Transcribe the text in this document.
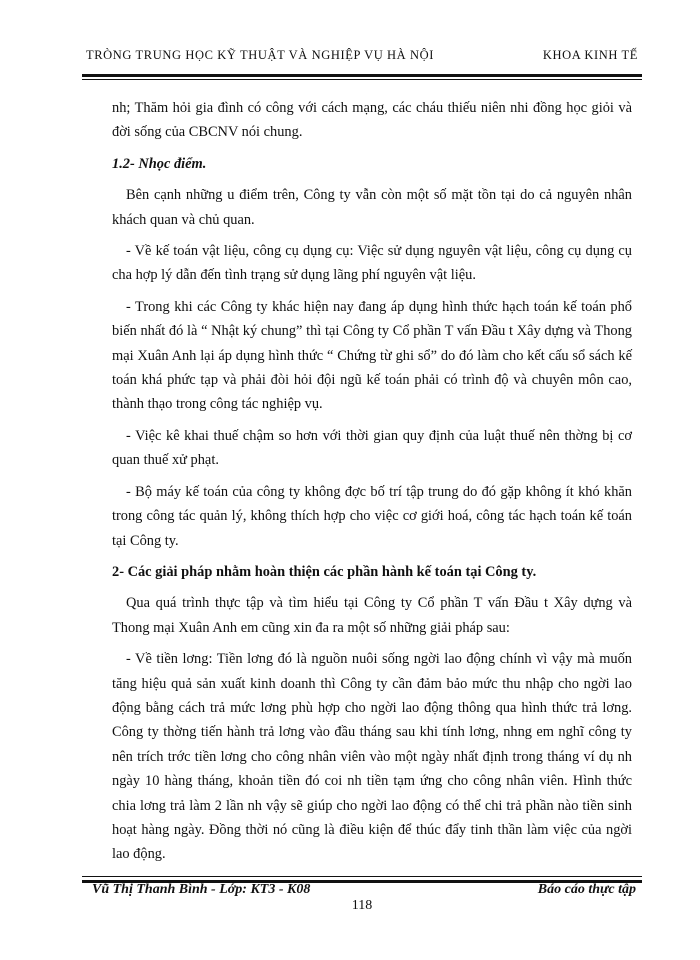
TRÒNG TRUNG HỌC KỸ THUẬT VÀ NGHIỆP VỤ HÀ NỘI	KHOA KINH TẾ

nh; Thăm hỏi gia đình có công với cách mạng, các cháu thiếu niên nhi đồng học giỏi và đời sống của CBCNV nói chung.

1.2- Nhọc điểm.

Bên cạnh những u điểm trên, Công ty vẫn còn một số mặt tồn tại do cả nguyên nhân khách quan và chủ quan.

- Về kế toán vật liệu, công cụ dụng cụ: Việc sử dụng nguyên vật liệu, công cụ dụng cụ cha hợp lý dẫn đến tình trạng sử dụng lãng phí nguyên vật liệu.

- Trong khi các Công ty khác hiện nay đang áp dụng hình thức hạch toán kế toán phổ biến nhất đó là “ Nhật ký chung” thì tại Công ty Cổ phần T vấn Đầu t Xây dựng và Thong mại Xuân Anh lại áp dụng hình thức “ Chứng từ ghi sổ” do đó làm cho kết cấu sổ sách kế toán khá phức tạp và phải đòi hỏi đội ngũ kế toán phải có trình độ và chuyên môn cao, thành thạo trong công tác nghiệp vụ.

- Việc kê khai thuế chậm so hơn với thời gian quy định của luật thuế nên thờng bị cơ quan thuế xử phạt.

- Bộ máy kế toán của công ty không đợc bố trí tập trung do đó gặp không ít khó khăn trong công tác quản lý, không thích hợp cho việc cơ giới hoá, công tác hạch toán kế toán tại Công ty.

2- Các giải pháp nhằm hoàn thiện các phần hành kế toán tại Công ty.

Qua quá trình thực tập và tìm hiểu tại Công ty Cổ phần T vấn Đầu t Xây dựng và Thong mại Xuân Anh em cũng xin đa ra một số những giải pháp sau:

- Về tiền lơng: Tiền lơng đó là nguồn nuôi sống ngời lao động chính vì vậy mà muốn tăng hiệu quả sản xuất kinh doanh thì Công ty cần đảm bảo mức thu nhập cho ngời lao động bằng cách trả mức lơng phù hợp cho ngời lao động thông qua hình thức trả lơng. Công ty thờng tiến hành trả lơng vào đầu tháng sau khi tính lơng, nhng em nghĩ công ty nên trích trớc tiền lơng cho công nhân viên vào một ngày nhất định trong tháng ví dụ nh ngày 10 hàng tháng, khoản tiền đó coi nh tiền tạm ứng cho công nhân viên. Hình thức chia lơng trả làm 2 lần nh vậy sẽ giúp cho ngời lao động có thể chi trả phần nào tiền sinh hoạt hàng ngày. Đồng thời nó cũng là điều kiện để thúc đẩy tinh thần làm việc của ngời lao động.

Vũ Thị Thanh Bình - Lớp: KT3 - K08	Báo cáo thực tập
118
